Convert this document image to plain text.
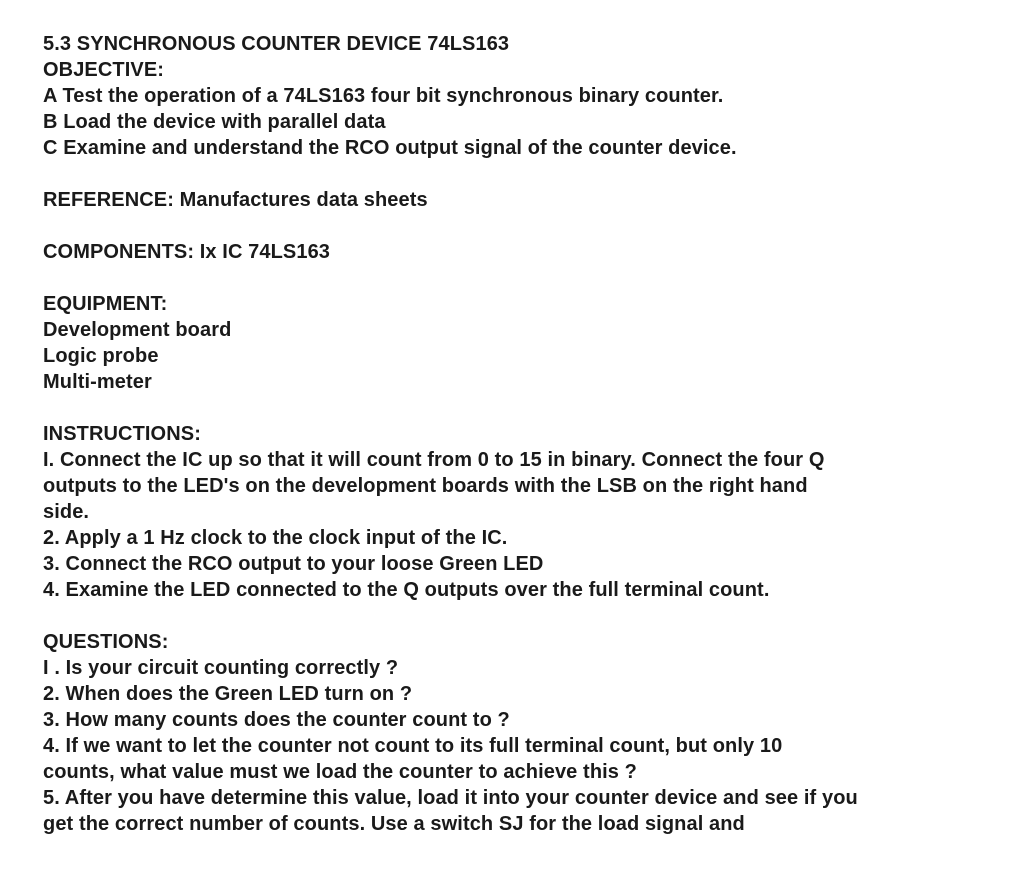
5.3 SYNCHRONOUS COUNTER DEVICE 74LS163
OBJECTIVE:
A Test the operation of a 74LS163 four bit synchronous binary counter.
B Load the device with parallel data
C Examine and understand the RCO output signal of the counter device.
REFERENCE: Manufactures data sheets
COMPONENTS: Ix IC 74LS163
EQUIPMENT:
Development board
Logic probe
Multi-meter
INSTRUCTIONS:
I. Connect the IC up so that it will count from 0 to 15 in binary. Connect the four Q
outputs to the LED's on the development boards with the LSB on the right hand
side.
2. Apply a 1 Hz clock to the clock input of the IC.
3. Connect the RCO output to your loose Green LED
4. Examine the LED connected to the Q outputs over the full terminal count.
QUESTIONS:
I . Is your circuit counting correctly ?
2. When does the Green LED turn on ?
3. How many counts does the counter count to ?
4. If we want to let the counter not count to its full terminal count, but only 10
counts, what value must we load the counter to achieve this ?
5. After you have determine this value, load it into your counter device and see if you
get the correct number of counts. Use a switch SJ for the load signal and
